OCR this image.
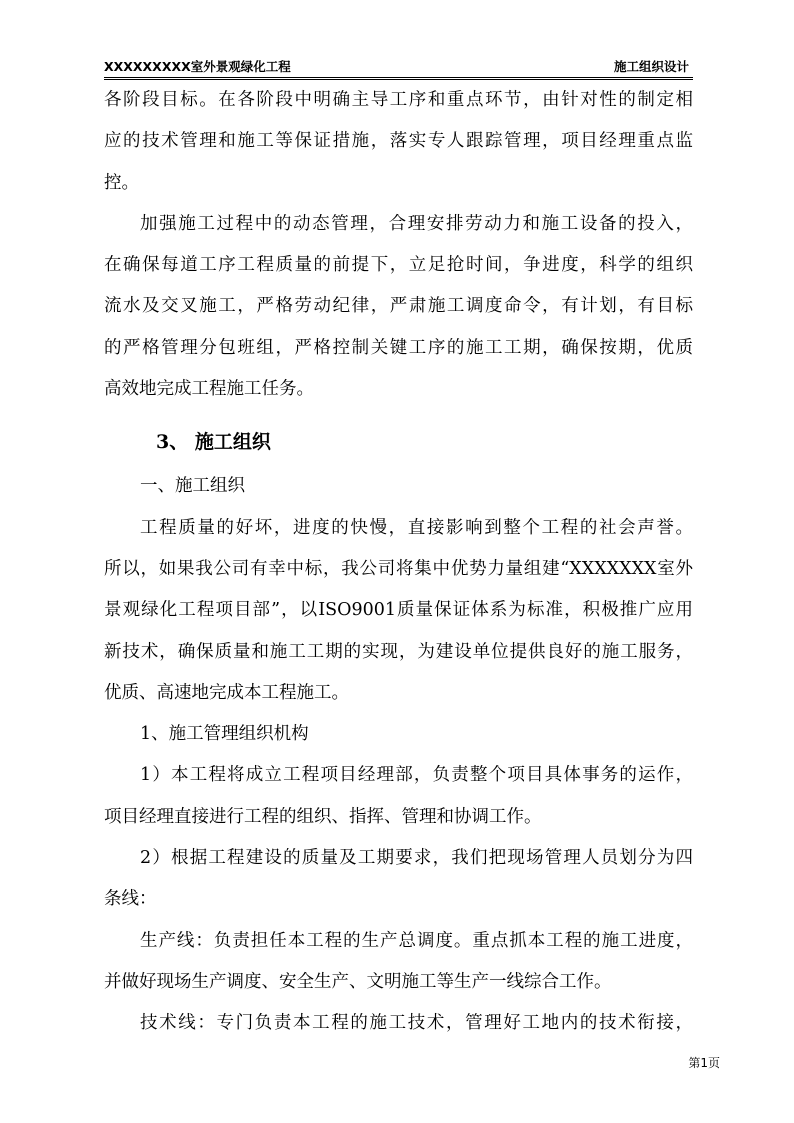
XXXXXXXXX室外景观绿化工程	施工组织设计
各阶段目标。在各阶段中明确主导工序和重点环节，由针对性的制定相
应的技术管理和施工等保证措施，落实专人跟踪管理，项目经理重点监
控。
加强施工过程中的动态管理，合理安排劳动力和施工设备的投入，
在确保每道工序工程质量的前提下，立足抢时间，争进度，科学的组织
流水及交叉施工，严格劳动纪律，严肃施工调度命令，有计划，有目标
的严格管理分包班组，严格控制关键工序的施工工期，确保按期，优质
高效地完成工程施工任务。
3、 施工组织
一、施工组织
工程质量的好坏，进度的快慢，直接影响到整个工程的社会声誉。
所以，如果我公司有幸中标，我公司将集中优势力量组建“XXXXXXX室外
景观绿化工程项目部”，以ISO9001质量保证体系为标准，积极推广应用
新技术，确保质量和施工工期的实现，为建设单位提供良好的施工服务，
优质、高速地完成本工程施工。
1、施工管理组织机构
1）本工程将成立工程项目经理部，负责整个项目具体事务的运作，
项目经理直接进行工程的组织、指挥、管理和协调工作。
2）根据工程建设的质量及工期要求，我们把现场管理人员划分为四
条线：
生产线：负责担任本工程的生产总调度。重点抓本工程的施工进度，
并做好现场生产调度、安全生产、文明施工等生产一线综合工作。
技术线：专门负责本工程的施工技术，管理好工地内的技术衔接，
第1页
